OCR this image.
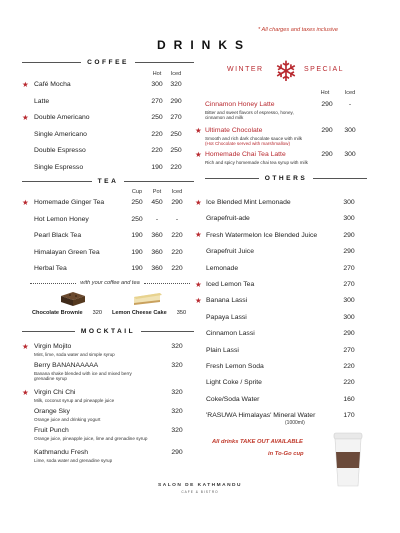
* All charges and taxes inclusive
DRINKS
COFFEE
Hot	Iced
★ Café Mocha	300	320
Latte	270	290
★ Double Americano	250	270
Single Americano	220	250
Double Espresso	220	250
Single Espresso	190	220
TEA
Cup	Pot	Iced
★ Homemade Ginger Tea	250	450	290
Hot Lemon Honey	250	-	-
Pearl Black Tea	190	360	220
Himalayan Green Tea	190	360	220
Herbal Tea	190	360	220
with your coffee and tea
Chocolate Brownie 320 Lemon Cheese Cake 350
MOCKTAIL
★ Virgin Mojito	320
Mint, lime, soda water and simple syrup
Berry BANANAAAAA	320
Banana shake blended with ice and mixed berry
grenadine syrup
★ Virgin Chi Chi	320
Milk, coconut syrup and pineapple juice
Orange Sky	320
Orange juice and drinking yogurt
Fruit Punch	320
Orange juice, pineapple juice, lime and grenadine syrup
Kathmandu Fresh	290
Lime, soda water and grenadine syrup
❄
WINTER	SPECIAL
Hot	Iced
Cinnamon Honey Latte	290	-
Bitter and sweet flavors of espresso, honey,
cinnamon and milk
★ Ultimate Chocolate	290	300
Smooth and rich dark chocolate sauce with milk
(Hot Chocolate served with marshmallow)
★ Homemade Chai Tea Latte	290	300
Rich and spicy homemade chai tea syrup with milk
OTHERS
★ Ice Blended Mint Lemonade	300
Grapefruit-ade	300
★ Fresh Watermelon Ice Blended Juice	290
Grapefruit Juice	290
Lemonade	270
★ Iced Lemon Tea	270
★ Banana Lassi	300
Papaya Lassi	300
Cinnamon Lassi	290
Plain Lassi	270
Fresh Lemon Soda	220
Light Coke / Sprite	220
Coke/Soda Water	160
'RASUWA Himalayas' Mineral Water	170
(1000ml)
All drinks TAKE OUT AVAILABLE
in To-Go cup
SALON DE KATHMANDU
CAFE & BISTRO
